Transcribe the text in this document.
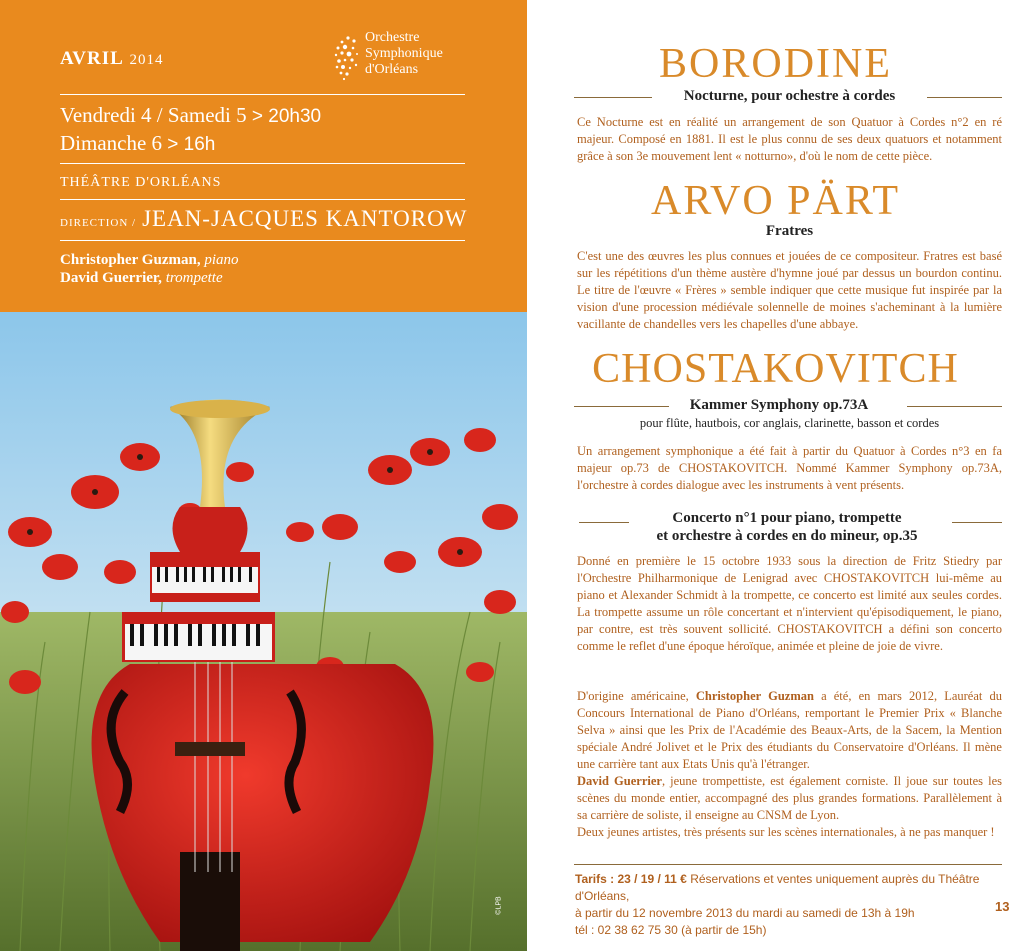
AVRIL 2014
Orchestre
Symphonique
d'Orléans
Vendredi 4 / Samedi 5 > 20h30
Dimanche 6 > 16h
THÉÂTRE D'ORLÉANS
DIRECTION / JEAN-JACQUES KANTOROW
Christopher Guzman, piano
David Guerrier, trompette
©LPB
BORODINE
Nocturne, pour ochestre à cordes
Ce Nocturne est en réalité un arrangement de son Quatuor à Cordes n°2 en ré majeur. Composé en 1881. Il est le plus connu de ses deux quatuors et notamment grâce à son 3e mouvement lent « notturno», d'où le nom de cette pièce.
ARVO PÄRT
Fratres
C'est une des œuvres les plus connues et jouées de ce compositeur. Fratres est basé sur les répétitions d'un thème austère d'hymne joué par dessus un bourdon continu. Le titre de l'œuvre « Frères » semble indiquer que cette musique fut inspirée par la vision d'une procession médiévale solennelle de moines s'acheminant à la lumière vacillante de chandelles vers les chapelles d'une abbaye.
CHOSTAKOVITCH
Kammer Symphony op.73A
pour flûte, hautbois, cor anglais, clarinette, basson et cordes
Un arrangement symphonique a été fait à partir du Quatuor à Cordes n°3 en fa majeur op.73 de CHOSTAKOVITCH. Nommé Kammer Symphony op.73A, l'orchestre à cordes dialogue avec les instruments à vent présents.
Concerto n°1 pour piano, trompette
et orchestre à cordes en do mineur, op.35
Donné en première le 15 octobre 1933 sous la direction de Fritz Stiedry par l'Orchestre Philharmonique de Lenigrad avec CHOSTAKOVITCH lui-même au piano et Alexander Schmidt à la trompette, ce concerto est limité aux seules cordes. La trompette assume un rôle concertant et n'intervient qu'épisodiquement, le piano, par contre, est très souvent sollicité. CHOSTAKOVITCH a défini son concerto comme le reflet d'une époque héroïque, animée et pleine de joie de vivre.
D'origine américaine, Christopher Guzman a été, en mars 2012, Lauréat du Concours International de Piano d'Orléans, remportant le Premier Prix « Blanche Selva » ainsi que les Prix de l'Académie des Beaux-Arts, de la Sacem, la Mention spéciale André Jolivet et le Prix des étudiants du Conservatoire d'Orléans. Il mène une carrière tant aux Etats Unis qu'à l'étranger.
David Guerrier, jeune trompettiste, est également corniste. Il joue sur toutes les scènes du monde entier, accompagné des plus grandes formations. Parallèlement à sa carrière de soliste, il enseigne au CNSM de Lyon.
Deux jeunes artistes, très présents sur les scènes internationales, à ne pas manquer !
Tarifs : 23 / 19 / 11 € Réservations et ventes uniquement auprès du Théâtre d'Orléans,
à partir du 12 novembre 2013 du mardi au samedi de 13h à 19h
tél : 02 38 62 75 30 (à partir de 15h)
13
